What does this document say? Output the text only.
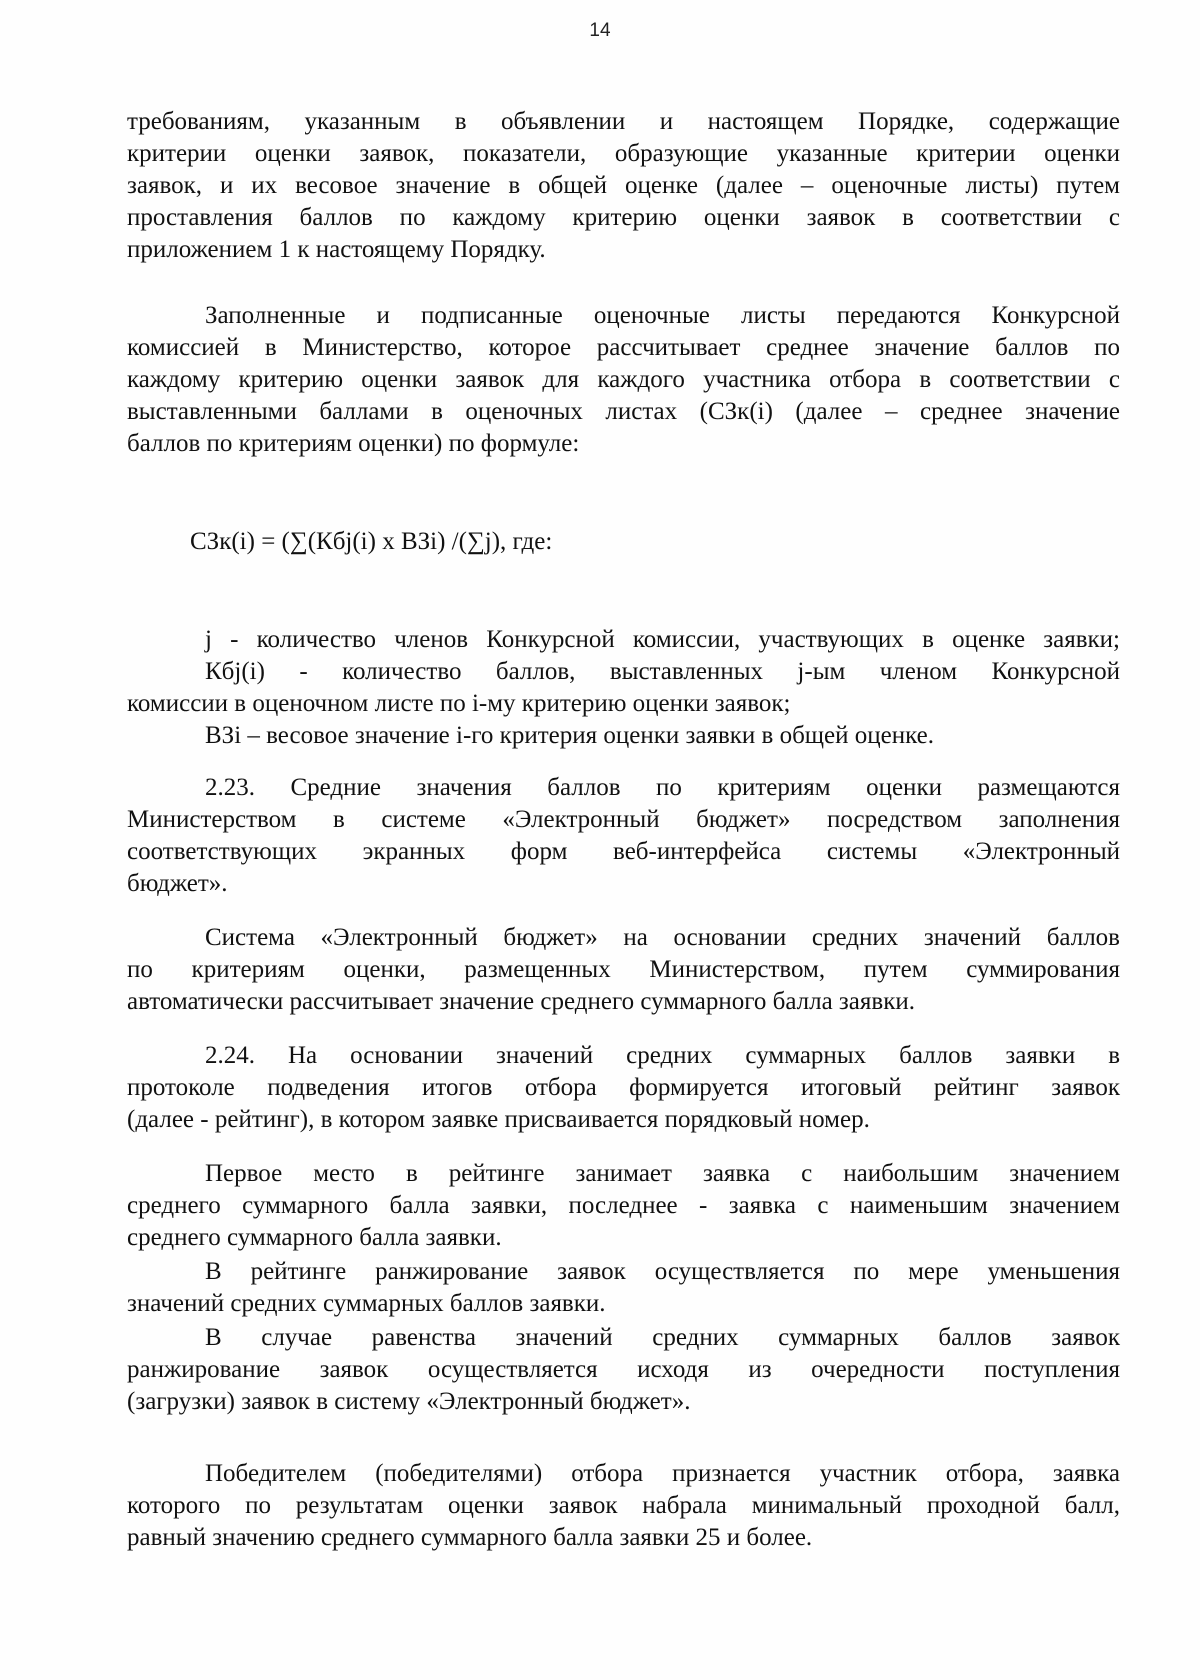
14
требованиям, указанным в объявлении и настоящем Порядке, содержащие
критерии оценки заявок, показатели, образующие указанные критерии оценки
заявок, и их весовое значение в общей оценке (далее – оценочные листы) путем
проставления баллов по каждому критерию оценки заявок в соответствии с
приложением 1 к настоящему Порядку.
Заполненные и подписанные оценочные листы передаются Конкурсной
комиссией в Министерство, которое рассчитывает среднее значение баллов по
каждому критерию оценки заявок для каждого участника отбора в соответствии с
выставленными баллами в оценочных листах (СЗк(i) (далее – среднее значение
баллов по критериям оценки) по формуле:
СЗк(i) = (∑(Кбj(i) х ВЗi) /(∑j), где:
j - количество членов Конкурсной комиссии, участвующих в оценке заявки;
Кбj(i) - количество баллов, выставленных j-ым членом Конкурсной
комиссии в оценочном листе по i-му критерию оценки заявок;
ВЗi – весовое значение i-го критерия оценки заявки в общей оценке.
2.23. Средние значения баллов по критериям оценки размещаются
Министерством в системе «Электронный бюджет» посредством заполнения
соответствующих экранных форм веб-интерфейса системы «Электронный
бюджет».
Система «Электронный бюджет» на основании средних значений баллов
по критериям оценки, размещенных Министерством, путем суммирования
автоматически рассчитывает значение среднего суммарного балла заявки.
2.24. На основании значений средних суммарных баллов заявки в
протоколе подведения итогов отбора формируется итоговый рейтинг заявок
(далее - рейтинг), в котором заявке присваивается порядковый номер.
Первое место в рейтинге занимает заявка с наибольшим значением
среднего суммарного балла заявки, последнее - заявка с наименьшим значением
среднего суммарного балла заявки.
В рейтинге ранжирование заявок осуществляется по мере уменьшения
значений средних суммарных баллов заявки.
В случае равенства значений средних суммарных баллов заявок
ранжирование заявок осуществляется исходя из очередности поступления
(загрузки) заявок в систему «Электронный бюджет».
Победителем (победителями) отбора признается участник отбора, заявка
которого по результатам оценки заявок набрала минимальный проходной балл,
равный значению среднего суммарного балла заявки 25 и более.
